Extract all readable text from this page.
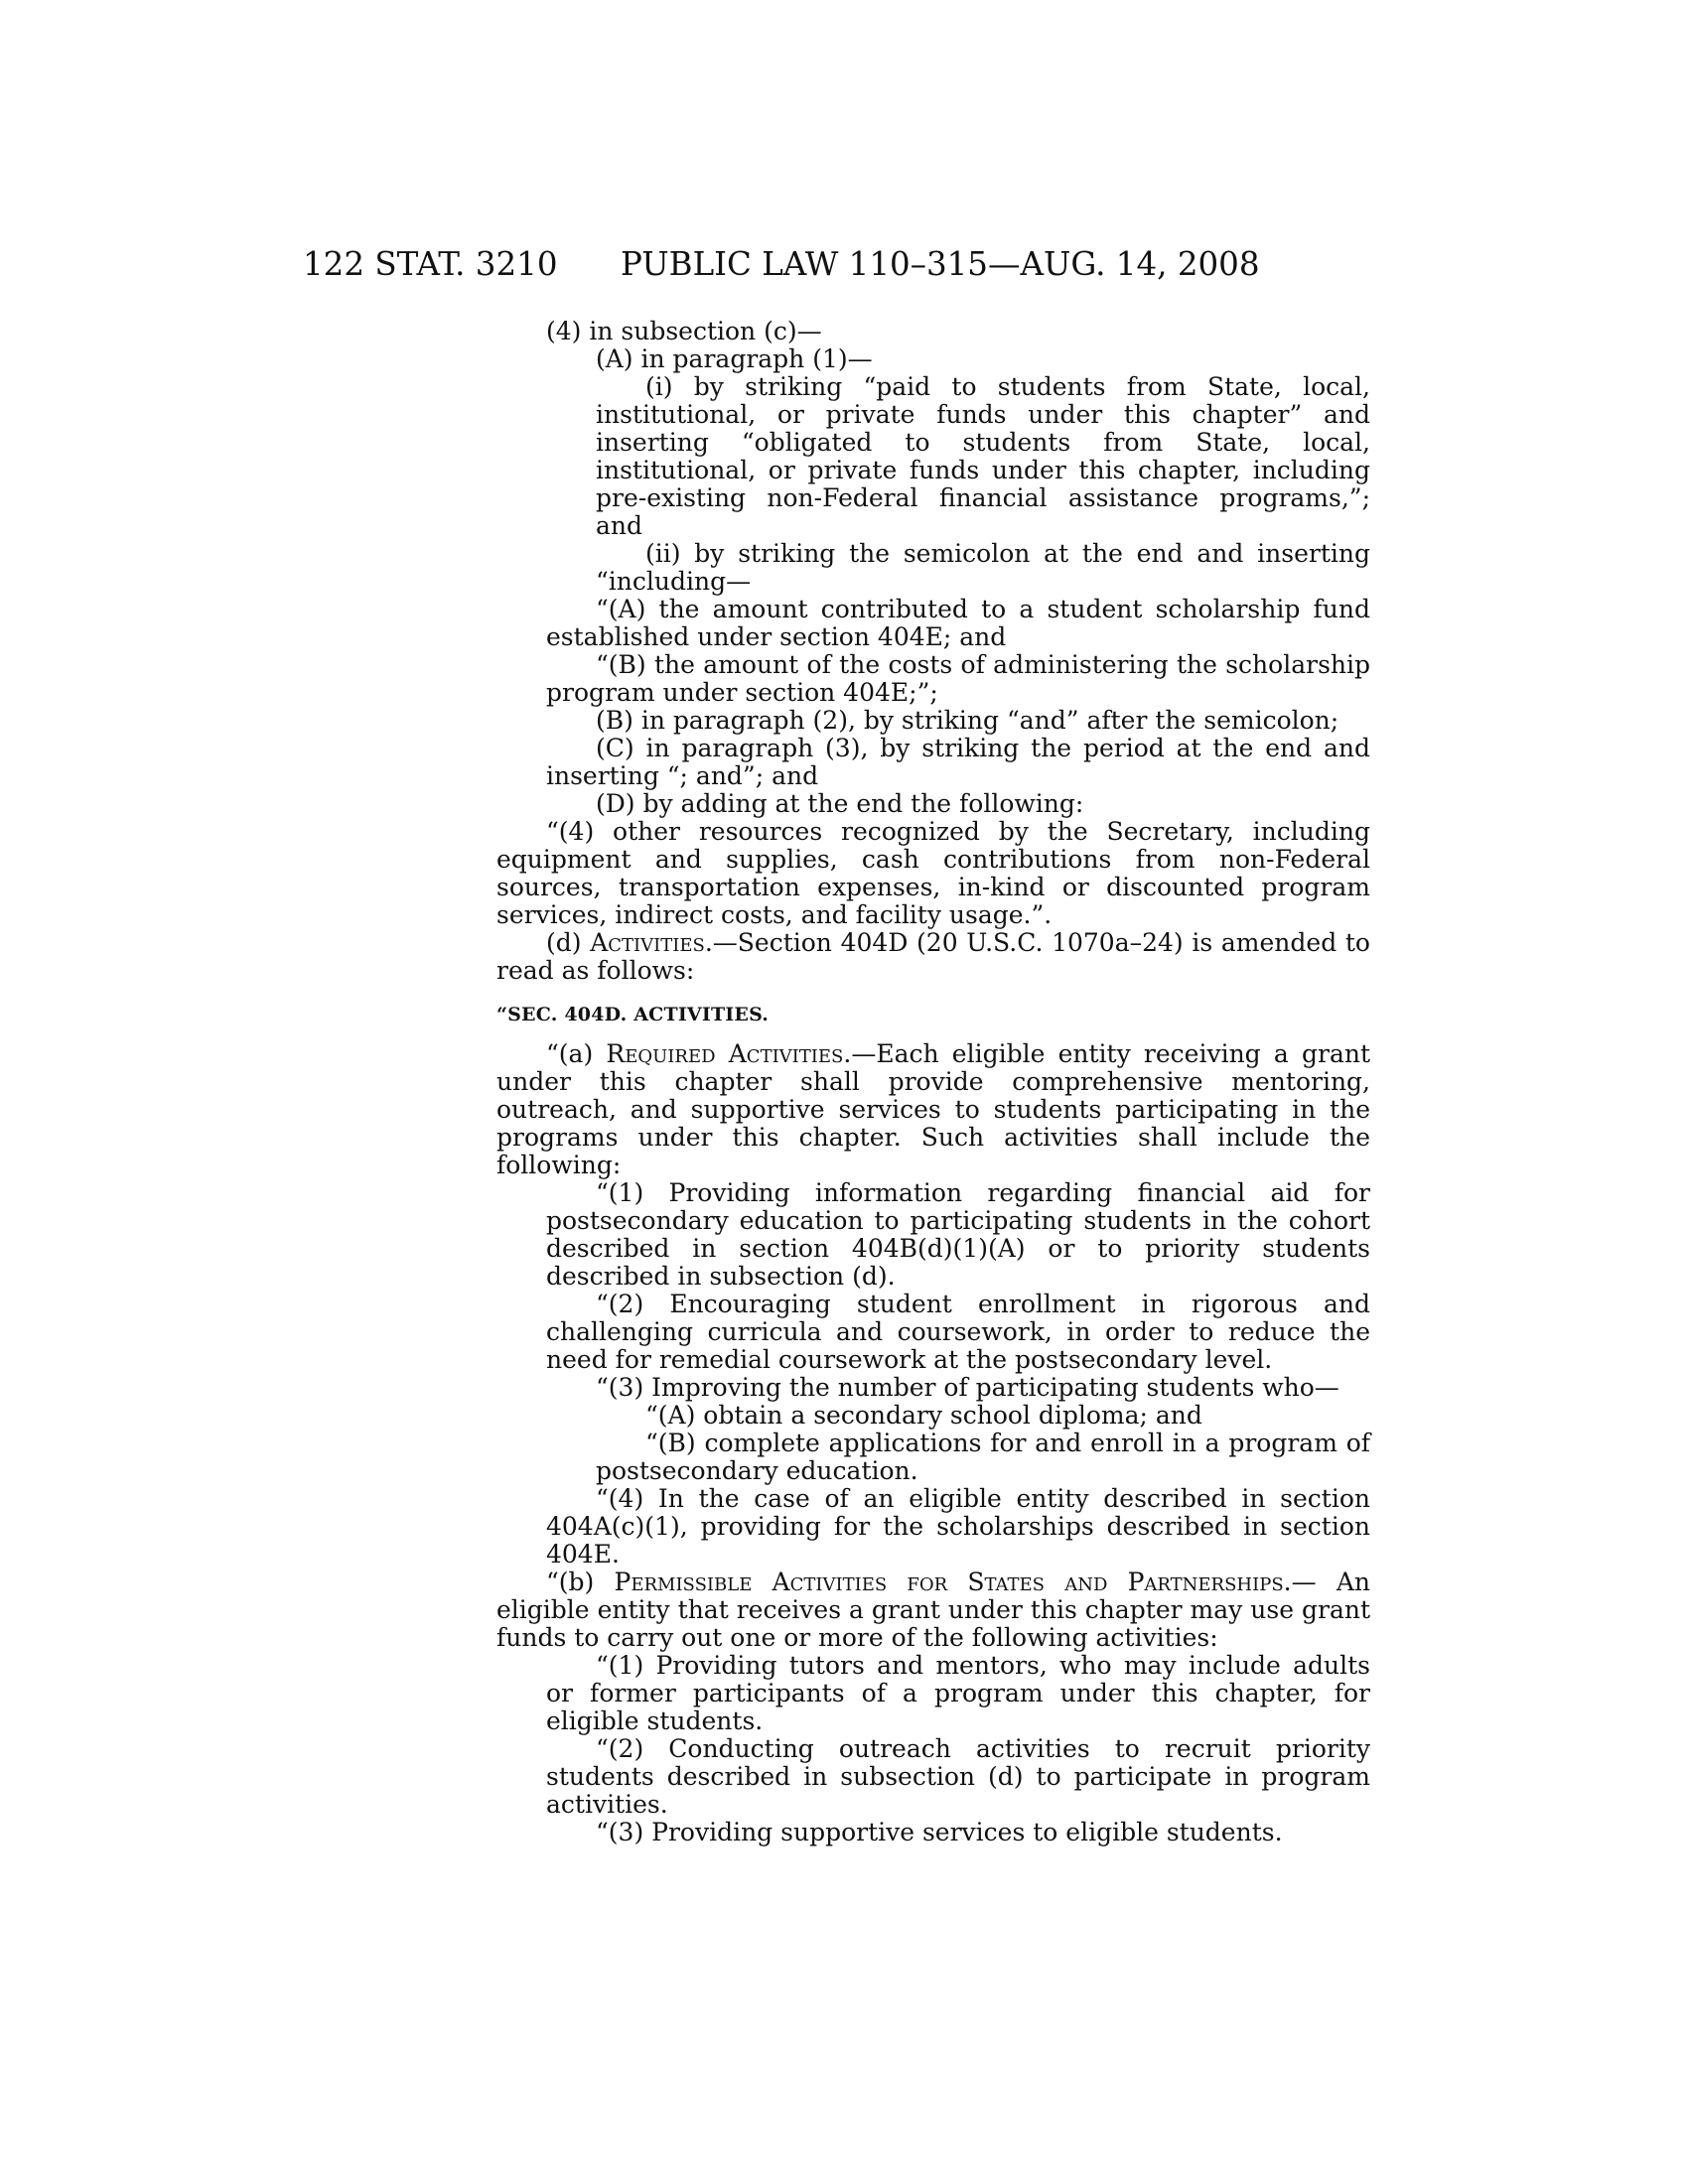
122 STAT. 3210 PUBLIC LAW 110–315—AUG. 14, 2008

(4) in subsection (c)—

(A) in paragraph (1)—

(i) by striking “paid to students from State, local, institutional, or private funds under this chapter” and inserting “obligated to students from State, local, institutional, or private funds under this chapter, including pre-existing non-Federal financial assistance programs,”; and

(ii) by striking the semicolon at the end and inserting “including—

“(A) the amount contributed to a student scholarship fund established under section 404E; and

“(B) the amount of the costs of administering the scholarship program under section 404E;”;

(B) in paragraph (2), by striking “and” after the semicolon;

(C) in paragraph (3), by striking the period at the end and inserting “; and”; and

(D) by adding at the end the following:

“(4) other resources recognized by the Secretary, including equipment and supplies, cash contributions from non-Federal sources, transportation expenses, in-kind or discounted program services, indirect costs, and facility usage.”.

(d) Activities.—Section 404D (20 U.S.C. 1070a–24) is amended to read as follows:

“SEC. 404D. ACTIVITIES.

“(a) Required Activities.—Each eligible entity receiving a grant under this chapter shall provide comprehensive mentoring, outreach, and supportive services to students participating in the programs under this chapter. Such activities shall include the following:

“(1) Providing information regarding financial aid for postsecondary education to participating students in the cohort described in section 404B(d)(1)(A) or to priority students described in subsection (d).

“(2) Encouraging student enrollment in rigorous and challenging curricula and coursework, in order to reduce the need for remedial coursework at the postsecondary level.

“(3) Improving the number of participating students who—

“(A) obtain a secondary school diploma; and

“(B) complete applications for and enroll in a program of postsecondary education.

“(4) In the case of an eligible entity described in section 404A(c)(1), providing for the scholarships described in section 404E.

“(b) Permissible Activities for States and Partnerships.— An eligible entity that receives a grant under this chapter may use grant funds to carry out one or more of the following activities:

“(1) Providing tutors and mentors, who may include adults or former participants of a program under this chapter, for eligible students.

“(2) Conducting outreach activities to recruit priority students described in subsection (d) to participate in program activities.

“(3) Providing supportive services to eligible students.
